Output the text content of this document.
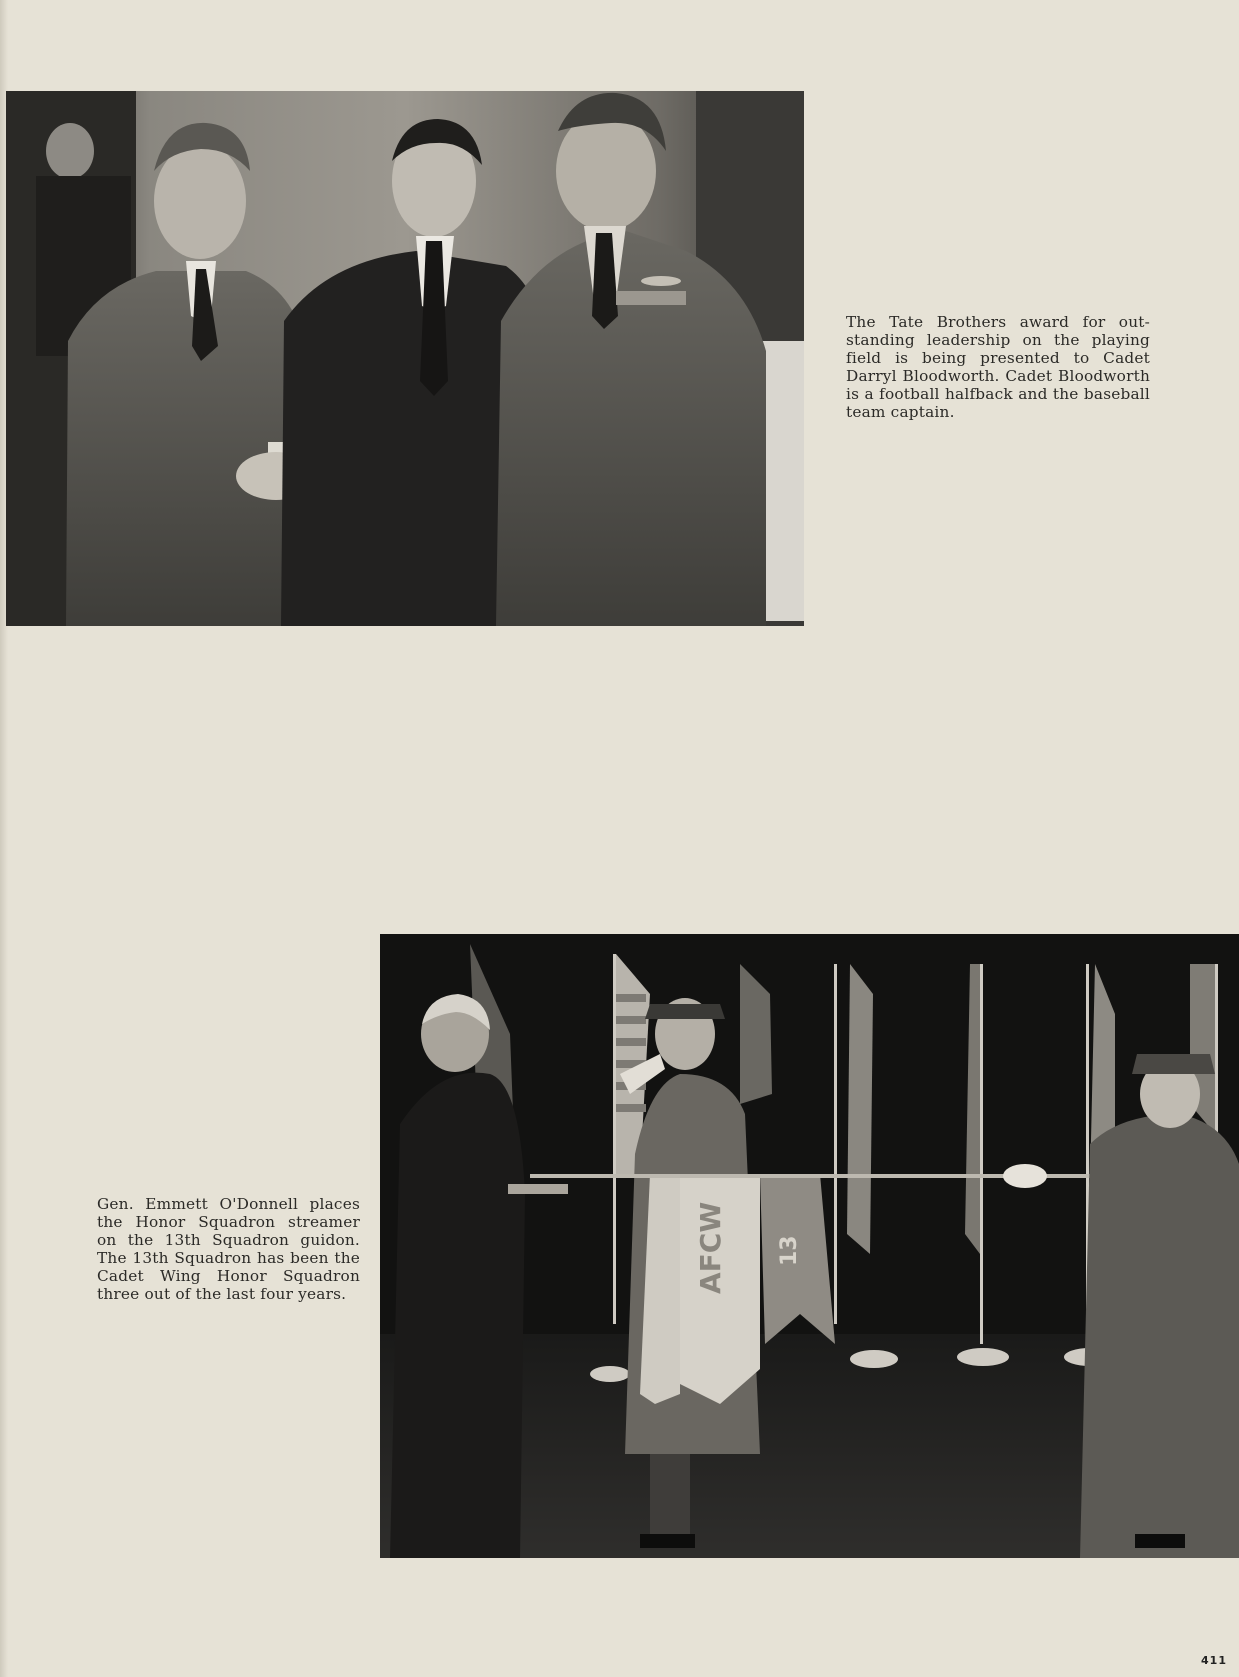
The Tate Brothers award for out-standing leadership on the playing field is being presented to Cadet Darryl Bloodworth. Cadet Bloodworth is a football halfback and the baseball team captain.

AFCW 13

Gen. Emmett O'Donnell places the Honor Squadron streamer on the 13th Squadron guidon. The 13th Squadron has been the Cadet Wing Honor Squadron three out of the last four years.

411
